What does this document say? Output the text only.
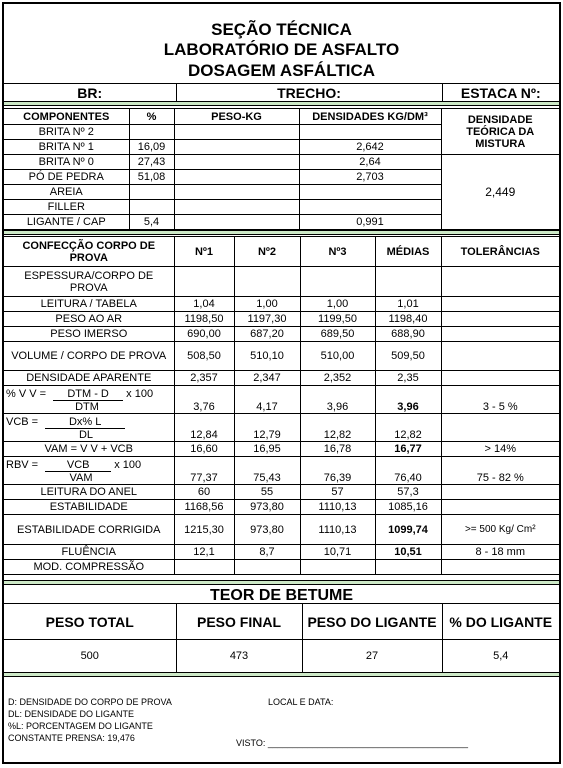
SEÇÃO TÉCNICA
LABORATÓRIO DE ASFALTO
DOSAGEM ASFÁLTICA
BR:	TRECHO:	ESTACA Nº:
COMPONENTES	%	PESO-KG	DENSIDADES KG/DM³	DENSIDADE TEÓRICA DA MISTURA
BRITA Nº 2				
BRITA Nº 1	16,09		2,642	
BRITA Nº 0	27,43		2,64	2,449
PÓ DE PEDRA	51,08		2,703	
AREIA				
FILLER				
LIGANTE / CAP	5,4		0,991	
CONFECÇÃO CORPO DE PROVA	Nº1	Nº2	Nº3	MÉDIAS	TOLERÂNCIAS
ESPESSURA/CORPO DE PROVA					
LEITURA / TABELA	1,04	1,00	1,00	1,01	
PESO AO AR	1198,50	1197,30	1199,50	1198,40	
PESO IMERSO	690,00	687,20	689,50	688,90	
VOLUME / CORPO DE PROVA	508,50	510,10	510,00	509,50	
DENSIDADE APARENTE	2,357	2,347	2,352	2,35	

% V V = DTM - D x 100
DTM	3,76	4,17	3,96	3,96	3 - 5 %

VCB = Dx% L
DL	12,84	12,79	12,82	12,82	
VAM = V V + VCB	16,60	16,95	16,78	16,77	> 14%

RBV = VCB x 100
VAM	77,37	75,43	76,39	76,40	75 - 82 %
LEITURA DO ANEL	60	55	57	57,3	
ESTABILIDADE	1168,56	973,80	1110,13	1085,16	
ESTABILIDADE CORRIGIDA	1215,30	973,80	1110,13	1099,74	>= 500 Kg/ Cm²
FLUÊNCIA	12,1	8,7	10,71	10,51	8 - 18 mm
MOD. COMPRESSÃO					
TEOR DE BETUME
PESO TOTAL	PESO FINAL	PESO DO LIGANTE	% DO LIGANTE
500	473	27	5,4
D: DENSIDADE DO CORPO DE PROVA
DL: DENSIDADE DO LIGANTE
%L: PORCENTAGEM DO LIGANTE
CONSTANTE PRENSA: 19,476
LOCAL E DATA:
VISTO: ________________________________________
